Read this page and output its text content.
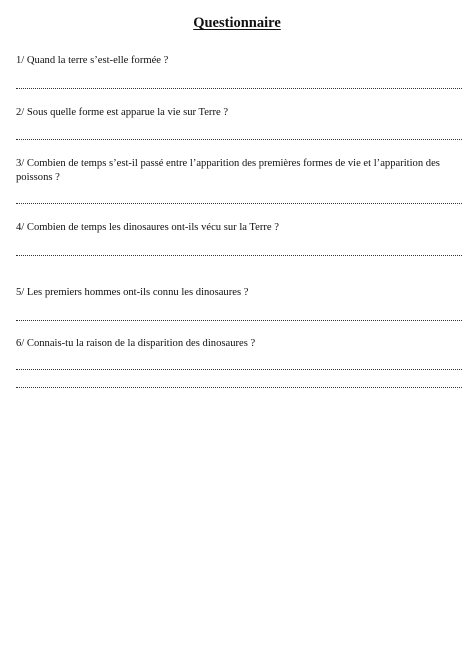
Questionnaire
1/ Quand la terre s’est-elle formée ?
2/ Sous quelle forme est apparue la vie sur Terre ?
3/ Combien de temps s’est-il passé entre l’apparition des premières formes de vie et l’apparition des poissons ?
4/ Combien de temps les dinosaures ont-ils vécu sur la Terre ?
5/ Les premiers hommes ont-ils connu les dinosaures ?
6/ Connais-tu la raison de la disparition des dinosaures ?
